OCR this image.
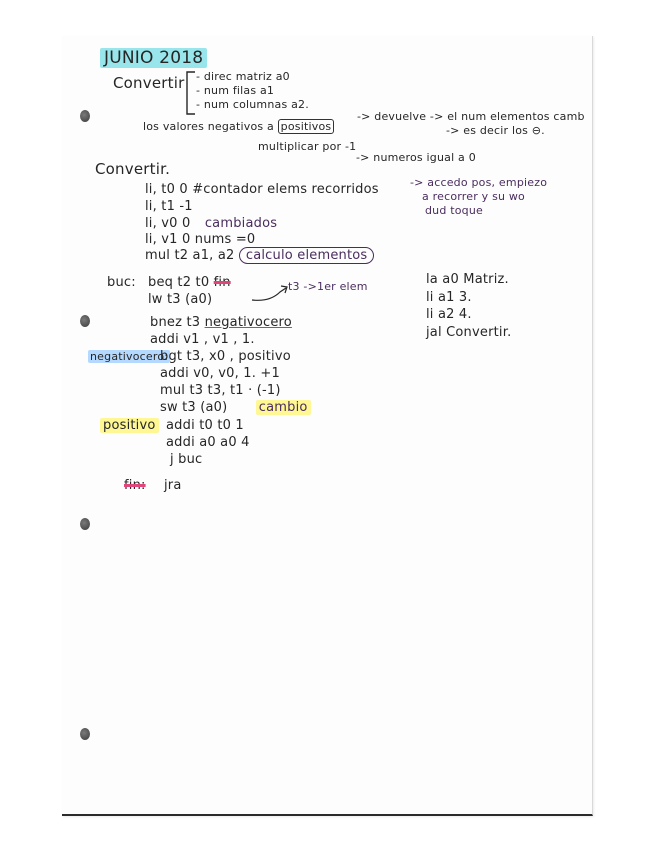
JUNIO 2018
Convertir - direc matriz a0
- num filas a1
- num columnas a2.
los valores negativos a positivos
-> devuelve -> el num elementos camb
-> es decir los ⊖.
multiplicar por -1
-> numeros igual a 0
Convertir.
li, t0 0 #contador elems recorridos
li, t1 -1
li, v0 0 cambiados
li, v1 0 nums =0
mul t2 a1, a2 calculo elementos
buc: beq t2 t0 fin	t3 ->1er elem
lw t3 (a0)
bnez t3 negativocero
addi v1 , v1 , 1.
negativocero:
bgt t3, x0 , positivo
addi v0, v0, 1. +1
mul t3 t3, t1 · (-1)
sw t3 (a0) cambio
positivo addi t0 t0 1
addi a0 a0 4
j buc
fin: jra
-> accedo pos, empiezo
a recorrer y su wo
dud toque
la a0 Matriz.
li a1 3.
li a2 4.
jal Convertir.
